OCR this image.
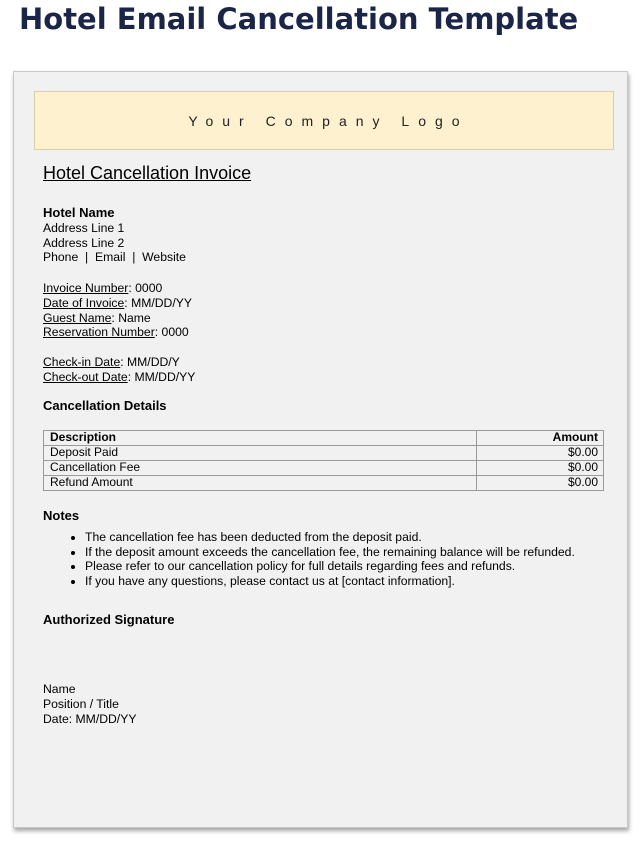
Hotel Email Cancellation Template
Your Company Logo
Hotel Cancellation Invoice
Hotel Name
Address Line 1
Address Line 2
Phone  |  Email  |  Website
Invoice Number: 0000
Date of Invoice: MM/DD/YY
Guest Name: Name
Reservation Number: 0000
Check-in Date: MM/DD/Y
Check-out Date: MM/DD/YY
Cancellation Details
Description	Amount
Deposit Paid	$0.00
Cancellation Fee	$0.00
Refund Amount	$0.00
Notes
• The cancellation fee has been deducted from the deposit paid.
• If the deposit amount exceeds the cancellation fee, the remaining balance will be refunded.
• Please refer to our cancellation policy for full details regarding fees and refunds.
• If you have any questions, please contact us at [contact information].
Authorized Signature
Name
Position / Title
Date: MM/DD/YY
